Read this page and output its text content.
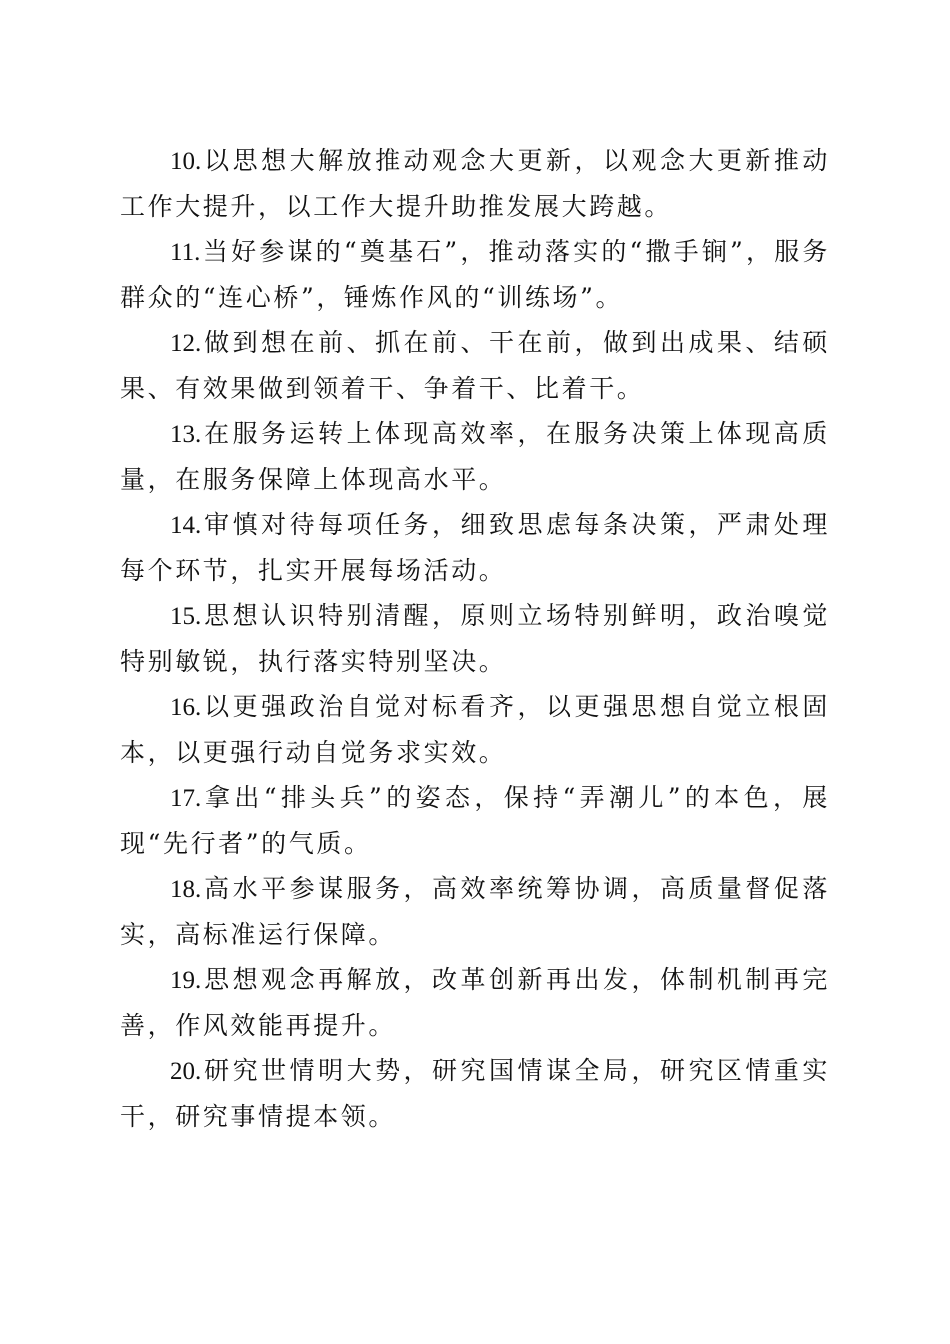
10.以思想大解放推动观念大更新，以观念大更新推动工作大提升，以工作大提升助推发展大跨越。

11.当好参谋的“奠基石”，推动落实的“撒手锏”，服务群众的“连心桥”，锤炼作风的“训练场”。

12.做到想在前、抓在前、干在前，做到出成果、结硕果、有效果做到领着干、争着干、比着干。

13.在服务运转上体现高效率，在服务决策上体现高质量，在服务保障上体现高水平。

14.审慎对待每项任务，细致思虑每条决策，严肃处理每个环节，扎实开展每场活动。

15.思想认识特别清醒，原则立场特别鲜明，政治嗅觉特别敏锐，执行落实特别坚决。

16.以更强政治自觉对标看齐，以更强思想自觉立根固本，以更强行动自觉务求实效。

17.拿出“排头兵”的姿态，保持“弄潮儿”的本色，展现“先行者”的气质。

18.高水平参谋服务，高效率统筹协调，高质量督促落实，高标准运行保障。

19.思想观念再解放，改革创新再出发，体制机制再完善，作风效能再提升。

20.研究世情明大势，研究国情谋全局，研究区情重实干，研究事情提本领。
